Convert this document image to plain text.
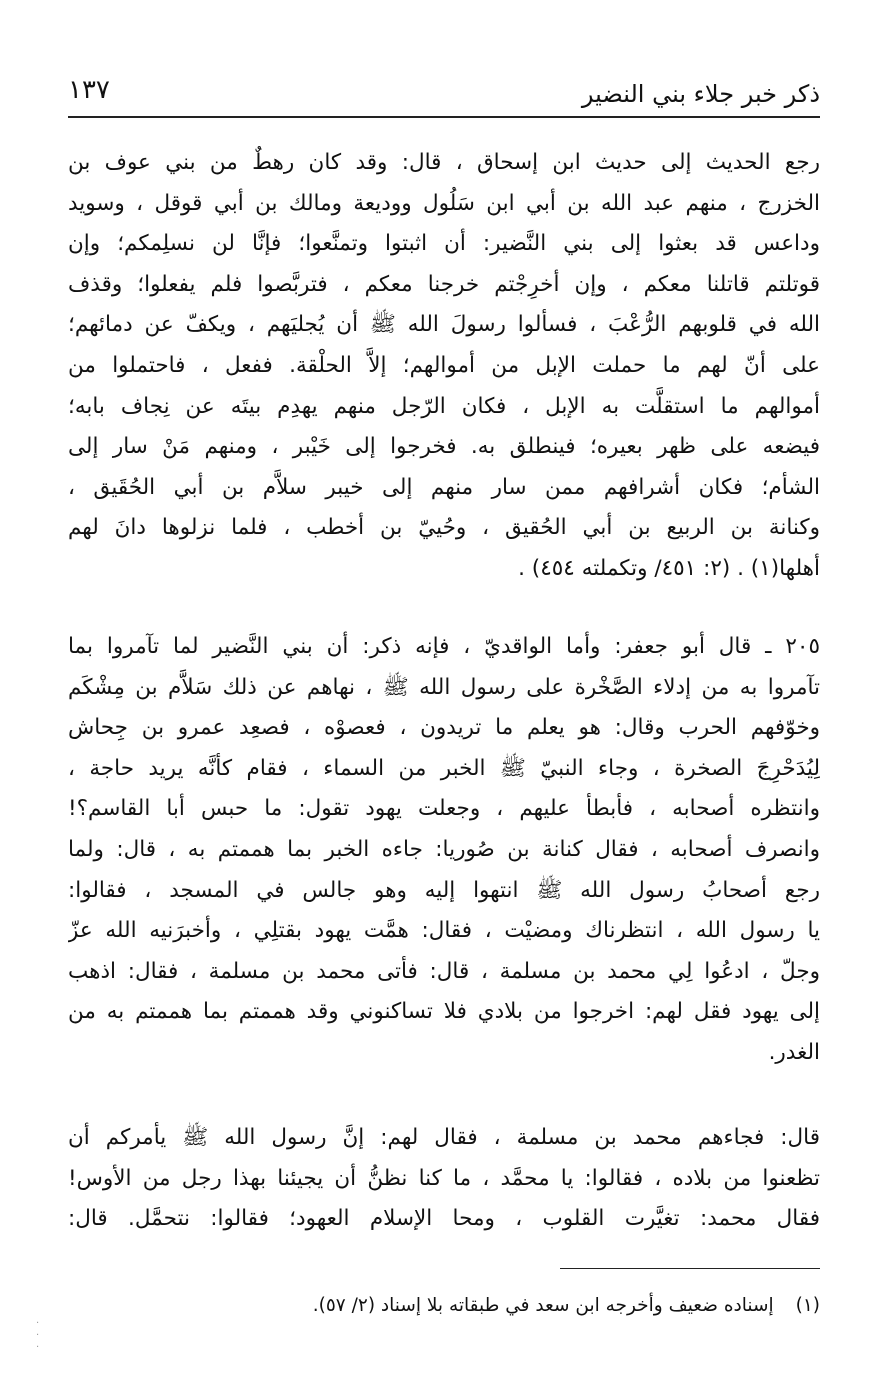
ذكر خبر جلاء بني النضير
١٣٧
رجع الحديث إلى حديث ابن إسحاق ، قال: وقد كان رهطٌ من بني عوف بن
الخزرج ، منهم عبد الله بن أبي ابن سَلُول ووديعة ومالك بن أبي قوقل ، وسويد
وداعس قد بعثوا إلى بني النَّضير: أن اثبتوا وتمنَّعوا؛ فإنَّا لن نسلِمكم؛ وإن
قوتلتم قاتلنا معكم ، وإن أخرِجْتم خرجنا معكم ، فتربَّصوا فلم يفعلوا؛ وقذف
الله في قلوبهم الرُّعْبَ ، فسألوا رسولَ الله ﷺ أن يُجليَهم ، ويكفّ عن دمائهم؛
على أنّ لهم ما حملت الإبل من أموالهم؛ إلاَّ الحلْقة. ففعل ، فاحتملوا من
أموالهم ما استقلَّت به الإبل ، فكان الرّجل منهم يهدِم بيتَه عن نِجاف بابه؛
فيضعه على ظهر بعيره؛ فينطلق به. فخرجوا إلى خَيْبر ، ومنهم مَنْ سار إلى
الشأم؛ فكان أشرافهم ممن سار منهم إلى خيبر سلاَّم بن أبي الحُقَيق ،
وكنانة بن الربيع بن أبي الحُقيق ، وحُييّ بن أخطب ، فلما نزلوها دانَ لهم
أهلها(١) . (٢: ٤٥١/ وتكملته ٤٥٤) .
٢٠٥ ـ قال أبو جعفر: وأما الواقديّ ، فإنه ذكر: أن بني النَّضير لما تآمروا بما
تآمروا به من إدلاء الصَّخْرة على رسول الله ﷺ ، نهاهم عن ذلك سَلاَّم بن مِشْكَم
وخوّفهم الحرب وقال: هو يعلم ما تريدون ، فعصوْه ، فصعِد عمرو بن جِحاش
لِيُدَحْرِجَ الصخرة ، وجاء النبيّ ﷺ الخبر من السماء ، فقام كأنَّه يريد حاجة ،
وانتظره أصحابه ، فأبطأ عليهم ، وجعلت يهود تقول: ما حبس أبا القاسم؟!
وانصرف أصحابه ، فقال كنانة بن صُوريا: جاءه الخبر بما هممتم به ، قال: ولما
رجع أصحابُ رسول الله ﷺ انتهوا إليه وهو جالس في المسجد ، فقالوا:
يا رسول الله ، انتظرناك ومضيْت ، فقال: همَّت يهود بقتلِي ، وأخبرَنيه الله عزّ
وجلّ ، ادعُوا لِي محمد بن مسلمة ، قال: فأتى محمد بن مسلمة ، فقال: اذهب
إلى يهود فقل لهم: اخرجوا من بلادي فلا تساكنوني وقد هممتم بما هممتم به من
الغدر.
قال: فجاءهم محمد بن مسلمة ، فقال لهم: إنَّ رسول الله ﷺ يأمركم أن
تظعنوا من بلاده ، فقالوا: يا محمَّد ، ما كنا نظنُّ أن يجيئنا بهذا رجل من الأوس!
فقال محمد: تغيَّرت القلوب ، ومحا الإسلام العهود؛ فقالوا: نتحمَّل. قال:
(١)إسناده ضعيف وأخرجه ابن سعد في طبقاته بلا إسناد (٢/ ٥٧).
·
·
·
